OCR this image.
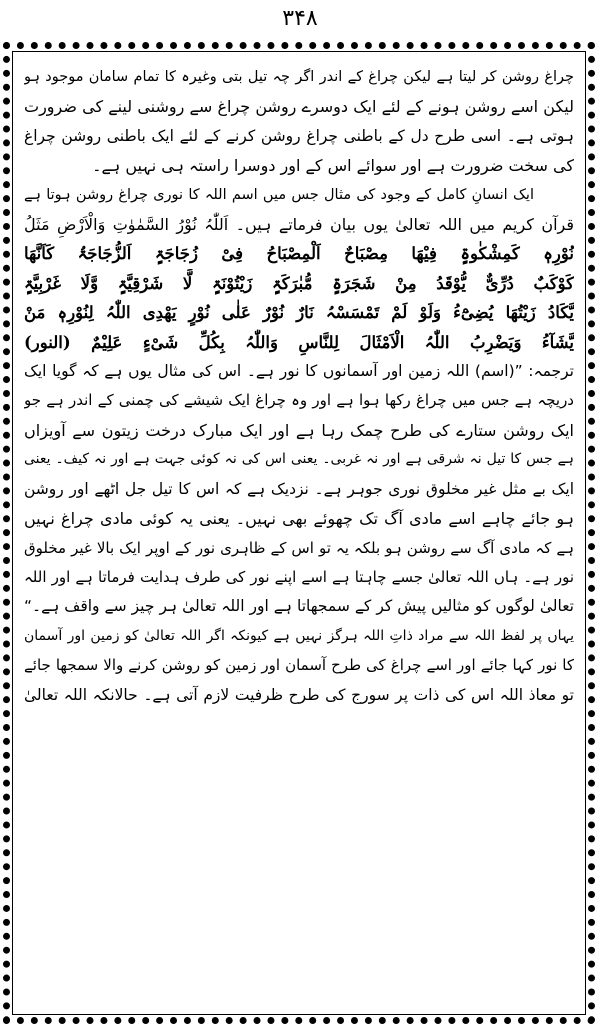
۳۴۸
چراغ روشن کر لیتا ہے لیکن چراغ کے اندر اگر چہ تیل بتی وغیرہ کا تمام سامان موجود ہو
لیکن اسے روشن ہونے کے لئے ایک دوسرے روشن چراغ سے روشنی لینے کی ضرورت
ہوتی ہے۔ اسی طرح دل کے باطنی چراغ روشن کرنے کے لئے ایک باطنی روشن چراغ
کی سخت ضرورت ہے اور سوائے اس کے اور دوسرا راستہ ہی نہیں ہے۔
ایک انسانِ کامل کے وجود کی مثال جس میں اسم اللہ کا نوری چراغ روشن ہوتا ہے
قرآن کریم میں اللہ تعالیٰ یوں بیان فرماتے ہیں۔ اَللّٰہُ نُوْرُ السَّمٰوٰتِ وَالْاَرْضِ مَثَلُ
نُوْرِہٖ کَمِشْکٰوۃٍ فِیْھَا مِصْبَاحٌ اَلْمِصْبَاحُ فِیْ زُجَاجَۃٍ اَلزُّجَاجَۃُ کَاَنَّھَا
کَوْکَبٌ دُرِّیٌّ یُّوْقَدُ مِنْ شَجَرَۃٍ مُّبٰرَکَۃٍ زَیْتُوْنَۃٍ لَّا شَرْقِیَّۃٍ وَّلَا غَرْبِیَّۃٍ
یَّکَادُ زَیْتُھَا یُضِیْٓءُ وَلَوْ لَمْ تَمْسَسْہُ نَارٌ نُوْرٌ عَلٰی نُوْرٍ یَھْدِی اللّٰہُ لِنُوْرِہٖ مَنْ
یَّشَآءُ وَیَضْرِبُ اللّٰہُ الْاَمْثَالَ لِلنَّاسِ وَاللّٰہُ بِکُلِّ شَیْءٍ عَلِیْمٌ (النور)
ترجمہ: ”(اسم) اللہ زمین اور آسمانوں کا نور ہے۔ اس کی مثال یوں ہے کہ گویا ایک
دریچہ ہے جس میں چراغ رکھا ہوا ہے اور وہ چراغ ایک شیشے کی چمنی کے اندر ہے جو
ایک روشن ستارے کی طرح چمک رہا ہے اور ایک مبارک درخت زیتون سے آویزاں
ہے جس کا تیل نہ شرقی ہے اور نہ غربی۔ یعنی اس کی نہ کوئی جہت ہے اور نہ کیف۔ یعنی
ایک بے مثل غیر مخلوق نوری جوہر ہے۔ نزدیک ہے کہ اس کا تیل جل اٹھے اور روشن
ہو جائے چاہے اسے مادی آگ تک چھوئے بھی نہیں۔ یعنی یہ کوئی مادی چراغ نہیں
ہے کہ مادی آگ سے روشن ہو بلکہ یہ تو اس کے ظاہری نور کے اوپر ایک بالا غیر مخلوق
نور ہے۔ ہاں اللہ تعالیٰ جسے چاہتا ہے اسے اپنے نور کی طرف ہدایت فرماتا ہے اور اللہ
تعالیٰ لوگوں کو مثالیں پیش کر کے سمجھاتا ہے اور اللہ تعالیٰ ہر چیز سے واقف ہے۔“
یہاں پر لفظ اللہ سے مراد ذاتِ اللہ ہرگز نہیں ہے کیونکہ اگر اللہ تعالیٰ کو زمین اور آسمان
کا نور کہا جائے اور اسے چراغ کی طرح آسمان اور زمین کو روشن کرنے والا سمجھا جائے
تو معاذ اللہ اس کی ذات پر سورج کی طرح ظرفیت لازم آتی ہے۔ حالانکہ اللہ تعالیٰ
